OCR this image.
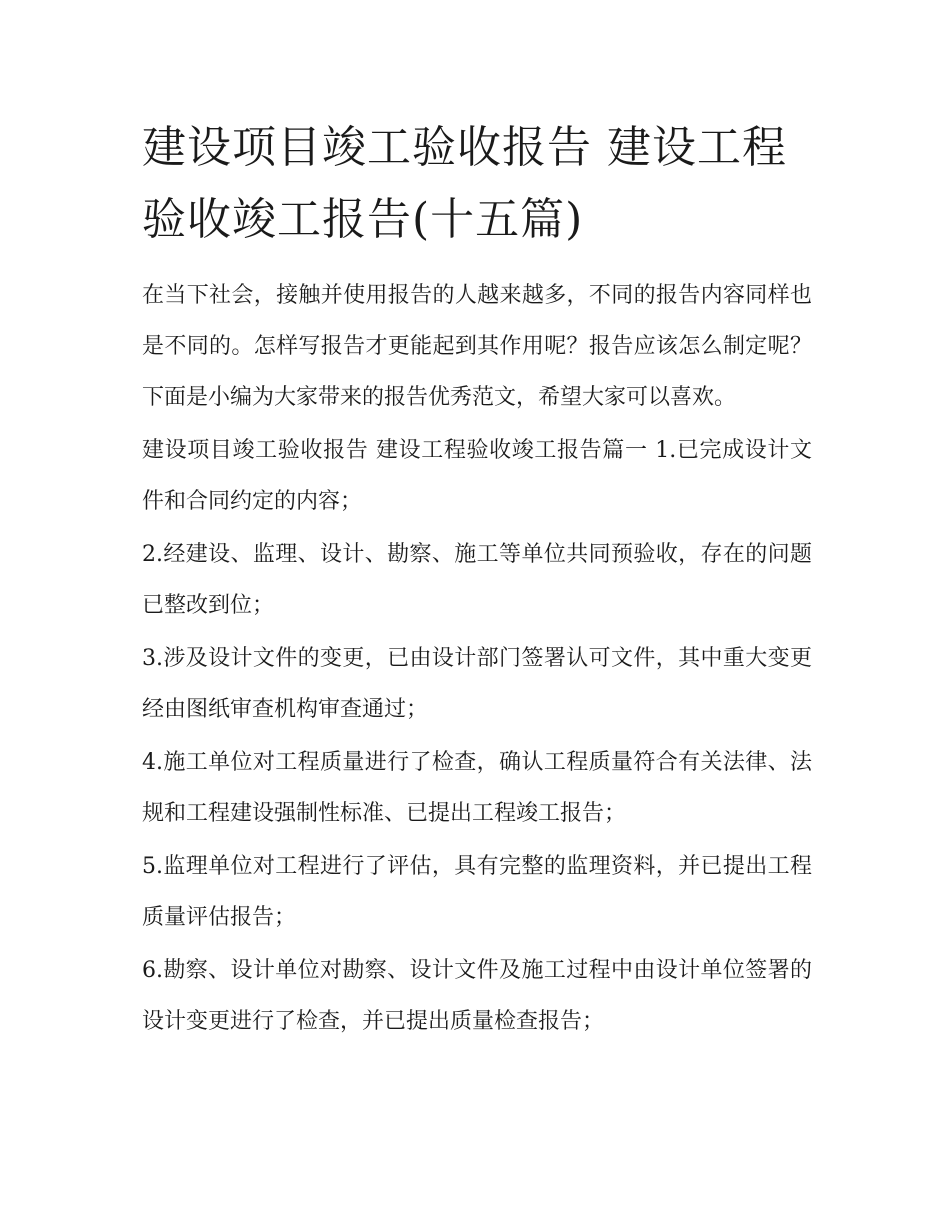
建设项目竣工验收报告 建设工程验收竣工报告(十五篇)

在当下社会，接触并使用报告的人越来越多，不同的报告内容同样也是不同的。怎样写报告才更能起到其作用呢？报告应该怎么制定呢？下面是小编为大家带来的报告优秀范文，希望大家可以喜欢。

建设项目竣工验收报告 建设工程验收竣工报告篇一 1.已完成设计文件和合同约定的内容；

2.经建设、监理、设计、勘察、施工等单位共同预验收，存在的问题已整改到位；

3.涉及设计文件的变更，已由设计部门签署认可文件，其中重大变更经由图纸审查机构审查通过；

4.施工单位对工程质量进行了检查，确认工程质量符合有关法律、法规和工程建设强制性标准、已提出工程竣工报告；

5.监理单位对工程进行了评估，具有完整的监理资料，并已提出工程质量评估报告；

6.勘察、设计单位对勘察、设计文件及施工过程中由设计单位签署的设计变更进行了检查，并已提出质量检查报告；
